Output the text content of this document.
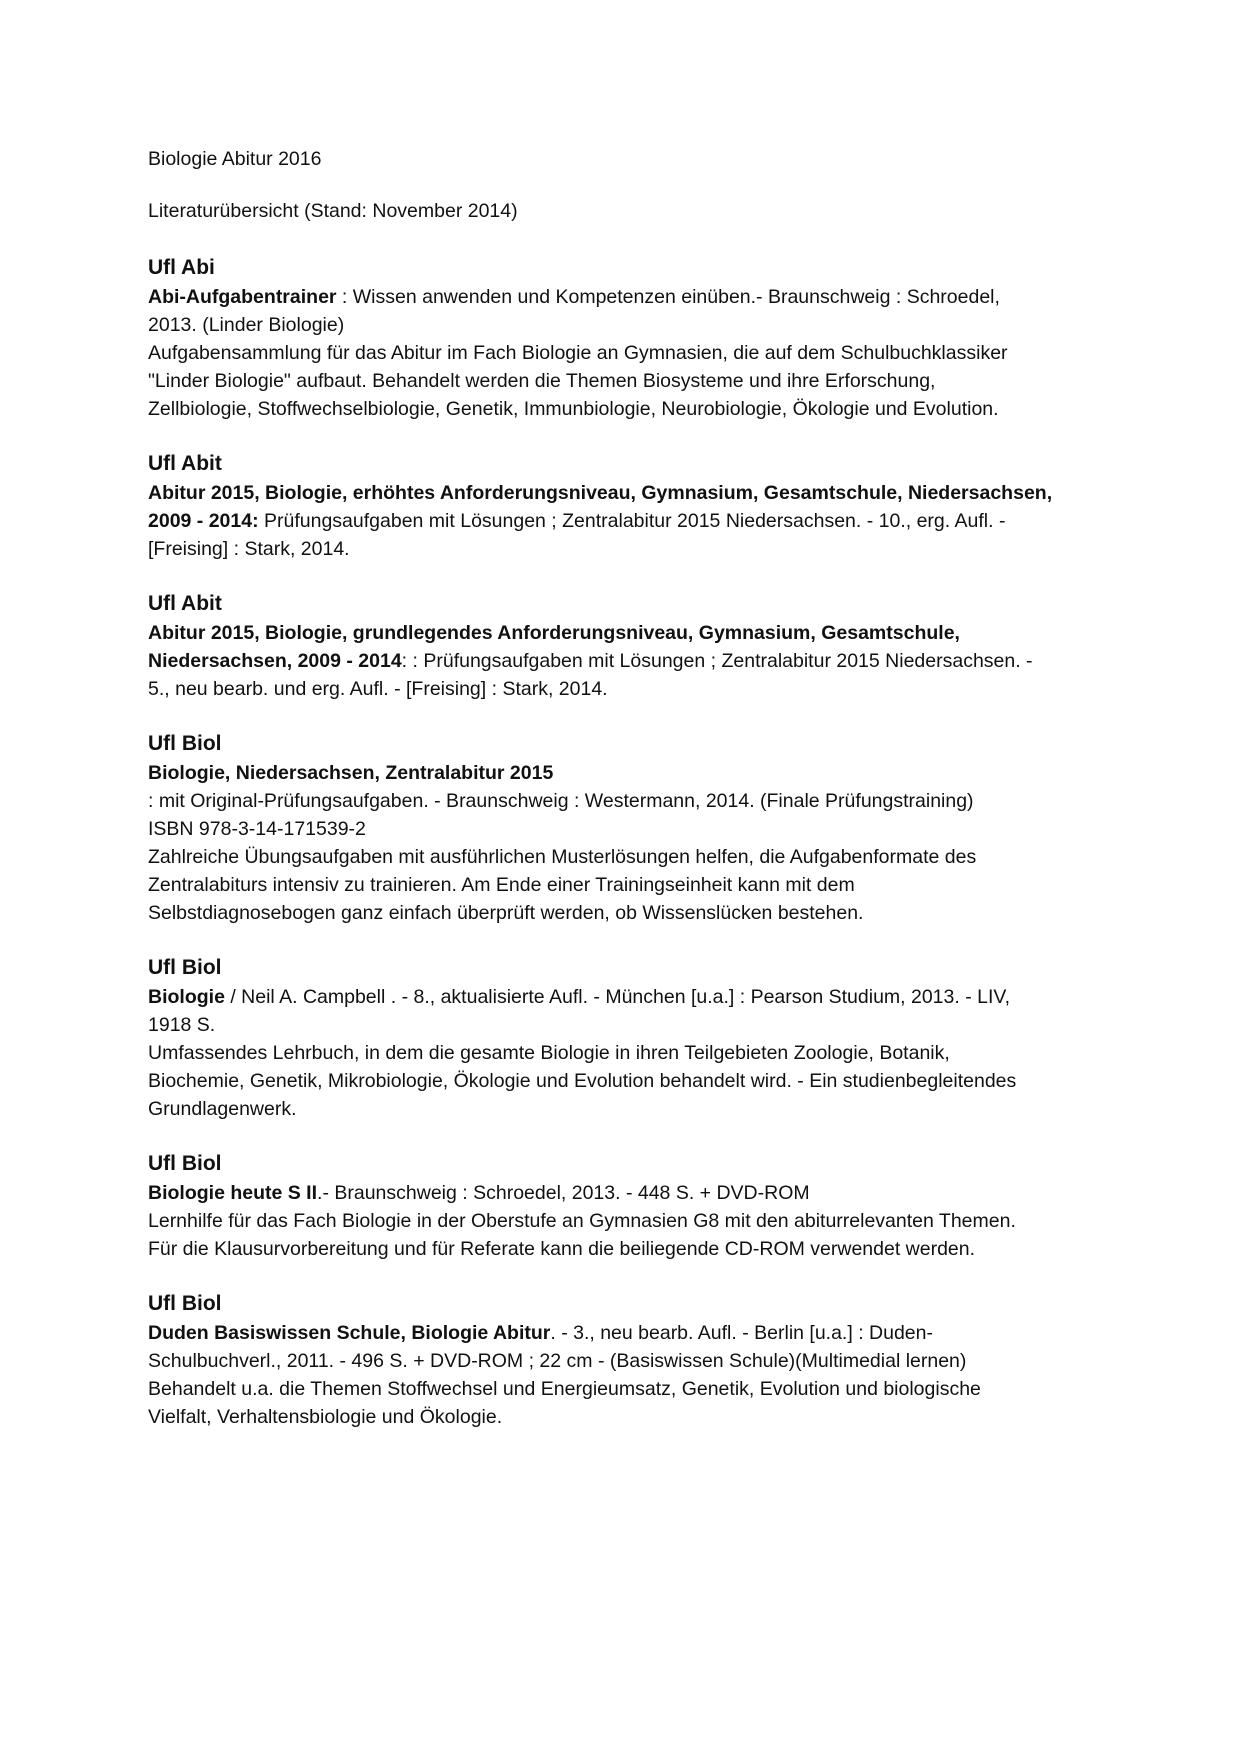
Biologie Abitur 2016
Literaturübersicht (Stand: November 2014)
Ufl Abi
Abi-Aufgabentrainer : Wissen anwenden und Kompetenzen einüben.- Braunschweig : Schroedel,
2013. (Linder Biologie)
Aufgabensammlung für das Abitur im Fach Biologie an Gymnasien, die auf dem Schulbuchklassiker
"Linder Biologie" aufbaut. Behandelt werden die Themen Biosysteme und ihre Erforschung,
Zellbiologie, Stoffwechselbiologie, Genetik, Immunbiologie, Neurobiologie, Ökologie und Evolution.
Ufl Abit
Abitur 2015, Biologie, erhöhtes Anforderungsniveau, Gymnasium, Gesamtschule, Niedersachsen,
2009 - 2014: Prüfungsaufgaben mit Lösungen ; Zentralabitur 2015 Niedersachsen. - 10., erg. Aufl. -
[Freising] : Stark, 2014.
Ufl Abit
Abitur 2015, Biologie, grundlegendes Anforderungsniveau, Gymnasium, Gesamtschule,
Niedersachsen, 2009 - 2014: : Prüfungsaufgaben mit Lösungen ; Zentralabitur 2015 Niedersachsen. -
5., neu bearb. und erg. Aufl. - [Freising] : Stark, 2014.
Ufl Biol
Biologie, Niedersachsen, Zentralabitur 2015
: mit Original-Prüfungsaufgaben. - Braunschweig : Westermann, 2014. (Finale Prüfungstraining)
ISBN 978-3-14-171539-2
Zahlreiche Übungsaufgaben mit ausführlichen Musterlösungen helfen, die Aufgabenformate des
Zentralabiturs intensiv zu trainieren. Am Ende einer Trainingseinheit kann mit dem
Selbstdiagnosebogen ganz einfach überprüft werden, ob Wissenslücken bestehen.
Ufl Biol
Biologie / Neil A. Campbell . - 8., aktualisierte Aufl. - München [u.a.] : Pearson Studium, 2013. - LIV,
1918 S.
Umfassendes Lehrbuch, in dem die gesamte Biologie in ihren Teilgebieten Zoologie, Botanik,
Biochemie, Genetik, Mikrobiologie, Ökologie und Evolution behandelt wird. - Ein studienbegleitendes
Grundlagenwerk.
Ufl Biol
Biologie heute S II.- Braunschweig : Schroedel, 2013. - 448 S. + DVD-ROM
Lernhilfe für das Fach Biologie in der Oberstufe an Gymnasien G8 mit den abiturrelevanten Themen.
Für die Klausurvorbereitung und für Referate kann die beiliegende CD-ROM verwendet werden.
Ufl Biol
Duden Basiswissen Schule, Biologie Abitur. - 3., neu bearb. Aufl. - Berlin [u.a.] : Duden-
Schulbuchverl., 2011. - 496 S. + DVD-ROM ; 22 cm - (Basiswissen Schule)(Multimedial lernen)
Behandelt u.a. die Themen Stoffwechsel und Energieumsatz, Genetik, Evolution und biologische
Vielfalt, Verhaltensbiologie und Ökologie.
